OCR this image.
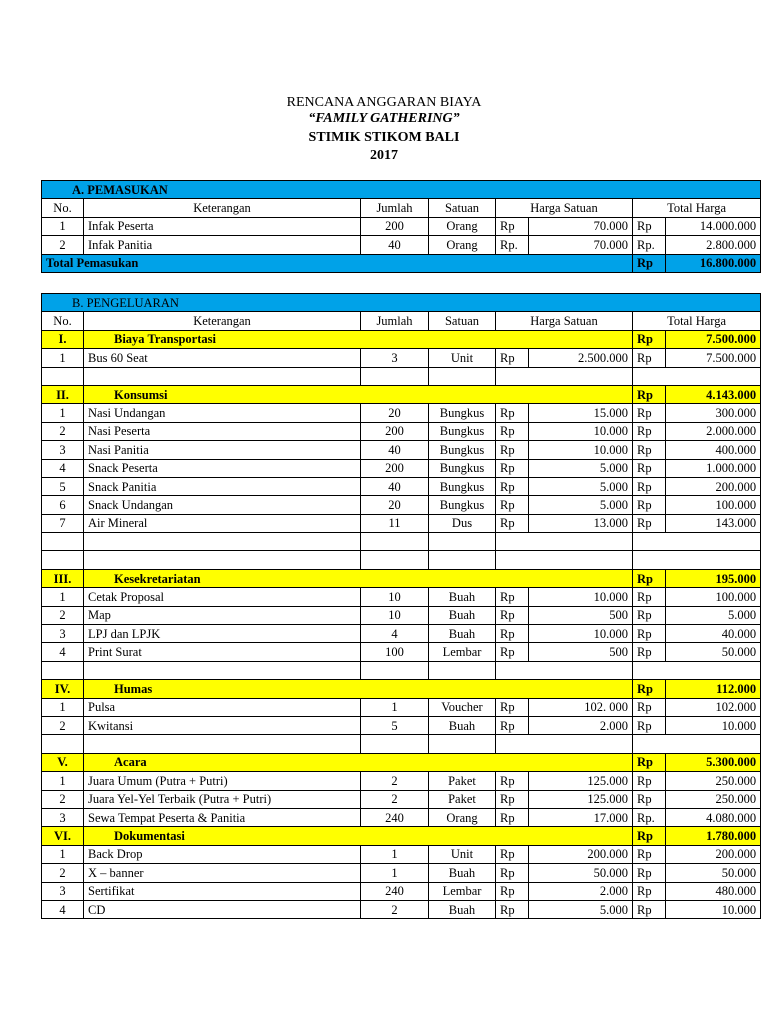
RENCANA ANGGARAN BIAYA
“FAMILY GATHERING”
STIMIK STIKOM BALI
2017
A. PEMASUKAN							
No.	Keterangan	Jumlah	Satuan	Harga Satuan		Total Harga	
1	Infak Peserta	200	Orang	Rp	70.000	Rp	14.000.000
2	Infak Panitia	40	Orang	Rp.	70.000	Rp.	2.800.000
Total Pemasukan						Rp	16.800.000
B. PENGELUARAN							
No.	Keterangan	Jumlah	Satuan	Harga Satuan		Total Harga	
I.	Biaya Transportasi					Rp	7.500.000
1	Bus 60 Seat	3	Unit	Rp	2.500.000	Rp	7.500.000

II.	Konsumsi					Rp	4.143.000
1	Nasi Undangan	20	Bungkus	Rp	15.000	Rp	300.000
2	Nasi Peserta	200	Bungkus	Rp	10.000	Rp	2.000.000
3	Nasi Panitia	40	Bungkus	Rp	10.000	Rp	400.000
4	Snack Peserta	200	Bungkus	Rp	5.000	Rp	1.000.000
5	Snack Panitia	40	Bungkus	Rp	5.000	Rp	200.000
6	Snack Undangan	20	Bungkus	Rp	5.000	Rp	100.000
7	Air Mineral	11	Dus	Rp	13.000	Rp	143.000

III.	Kesekretariatan					Rp	195.000
1	Cetak Proposal	10	Buah	Rp	10.000	Rp	100.000
2	Map	10	Buah	Rp	500	Rp	5.000
3	LPJ dan LPJK	4	Buah	Rp	10.000	Rp	40.000
4	Print Surat	100	Lembar	Rp	500	Rp	50.000

IV.	Humas					Rp	112.000
1	Pulsa	1	Voucher	Rp	102. 000	Rp	102.000
2	Kwitansi	5	Buah	Rp	2.000	Rp	10.000

V.	Acara					Rp	5.300.000
1	Juara Umum (Putra + Putri)	2	Paket	Rp	125.000	Rp	250.000
2	Juara Yel-Yel Terbaik (Putra + Putri)	2	Paket	Rp	125.000	Rp	250.000
3	Sewa Tempat Peserta & Panitia	240	Orang	Rp	17.000	Rp.	4.080.000
VI.	Dokumentasi					Rp	1.780.000
1	Back Drop	1	Unit	Rp	200.000	Rp	200.000
2	X – banner	1	Buah	Rp	50.000	Rp	50.000
3	Sertifikat	240	Lembar	Rp	2.000	Rp	480.000
4	CD	2	Buah	Rp	5.000	Rp	10.000
